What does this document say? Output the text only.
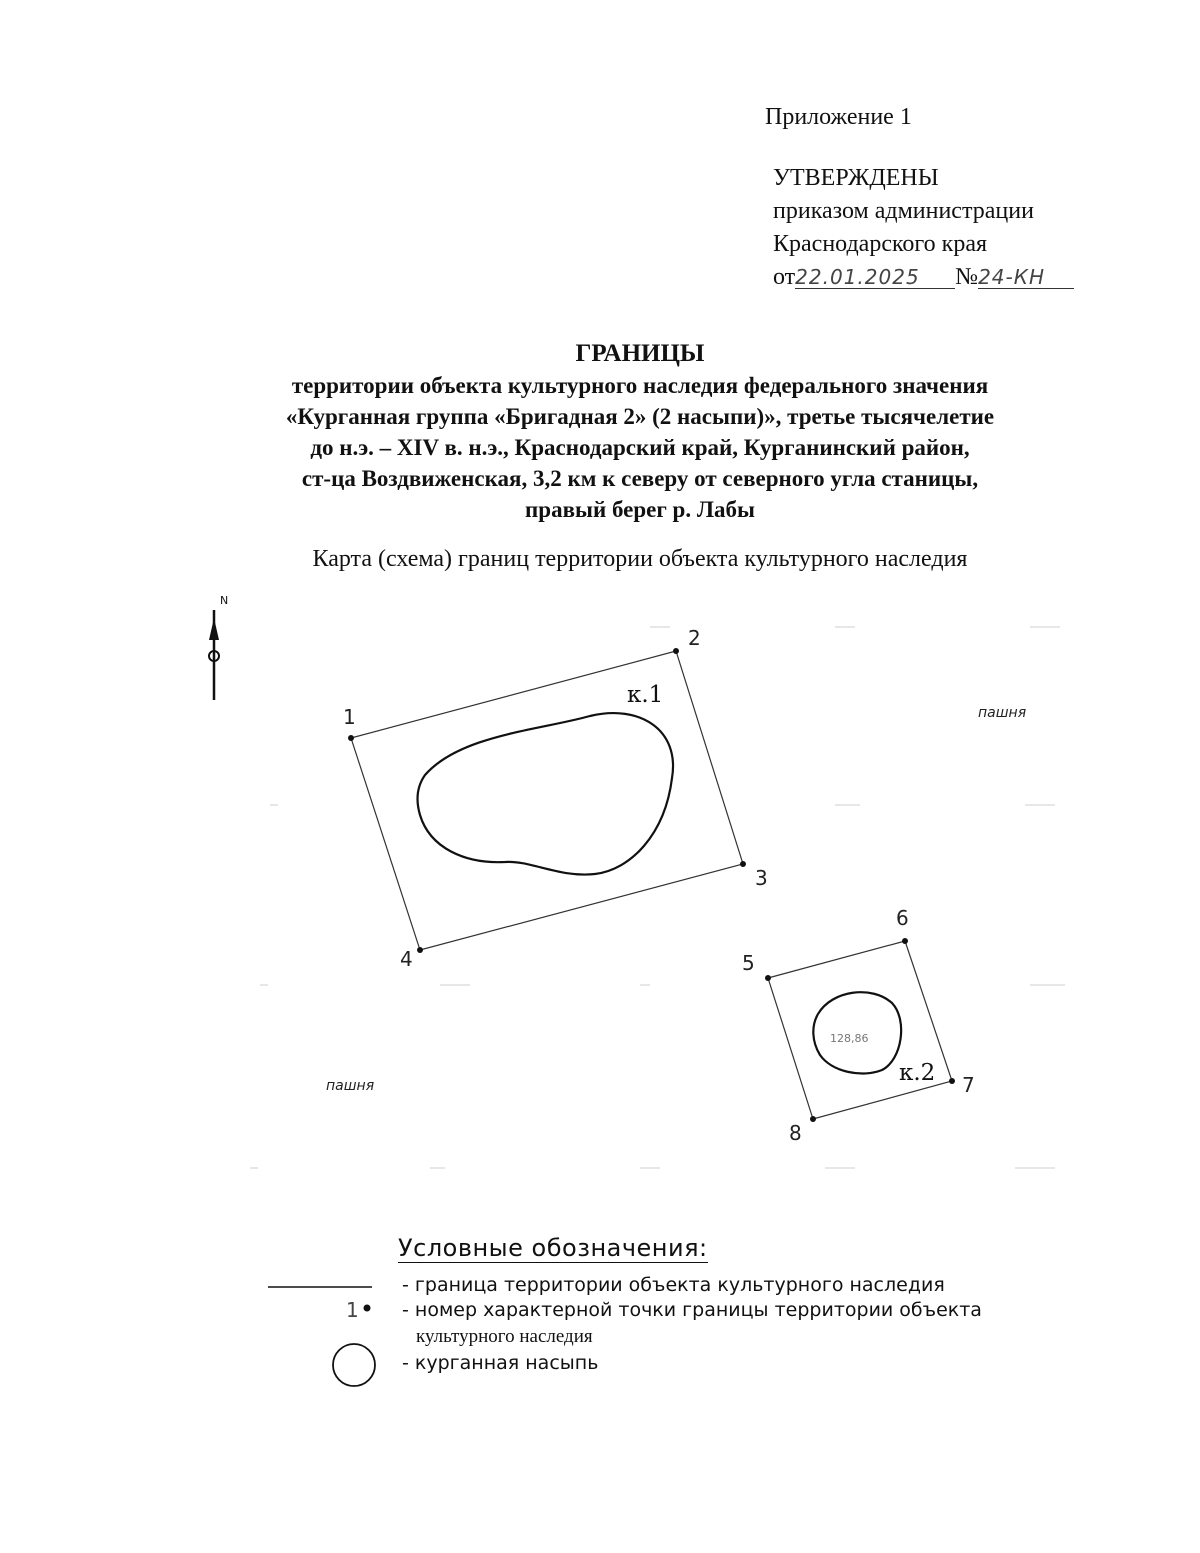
Приложение 1
УТВЕРЖДЕНЫ
приказом администрации
Краснодарского края
от22.01.2025 №24-КН
ГРАНИЦЫ
территории объекта культурного наследия федерального значения
«Курганная группа «Бригадная 2» (2 насыпи)», третье тысячелетие
до н.э. – XIV в. н.э., Краснодарский край, Курганинский район,
ст-ца Воздвиженская, 3,2 км к северу от северного угла станицы,
правый берег р. Лабы
Карта (схема) границ территории объекта культурного наследия
N
1
2
3
4	5
6
7
8
к.1
к.2
пашня
пашня
128,86
Условные обозначения:
1
- граница территории объекта культурного наследия
- номер характерной точки границы территории объекта
культурного наследия
- курганная насыпь
